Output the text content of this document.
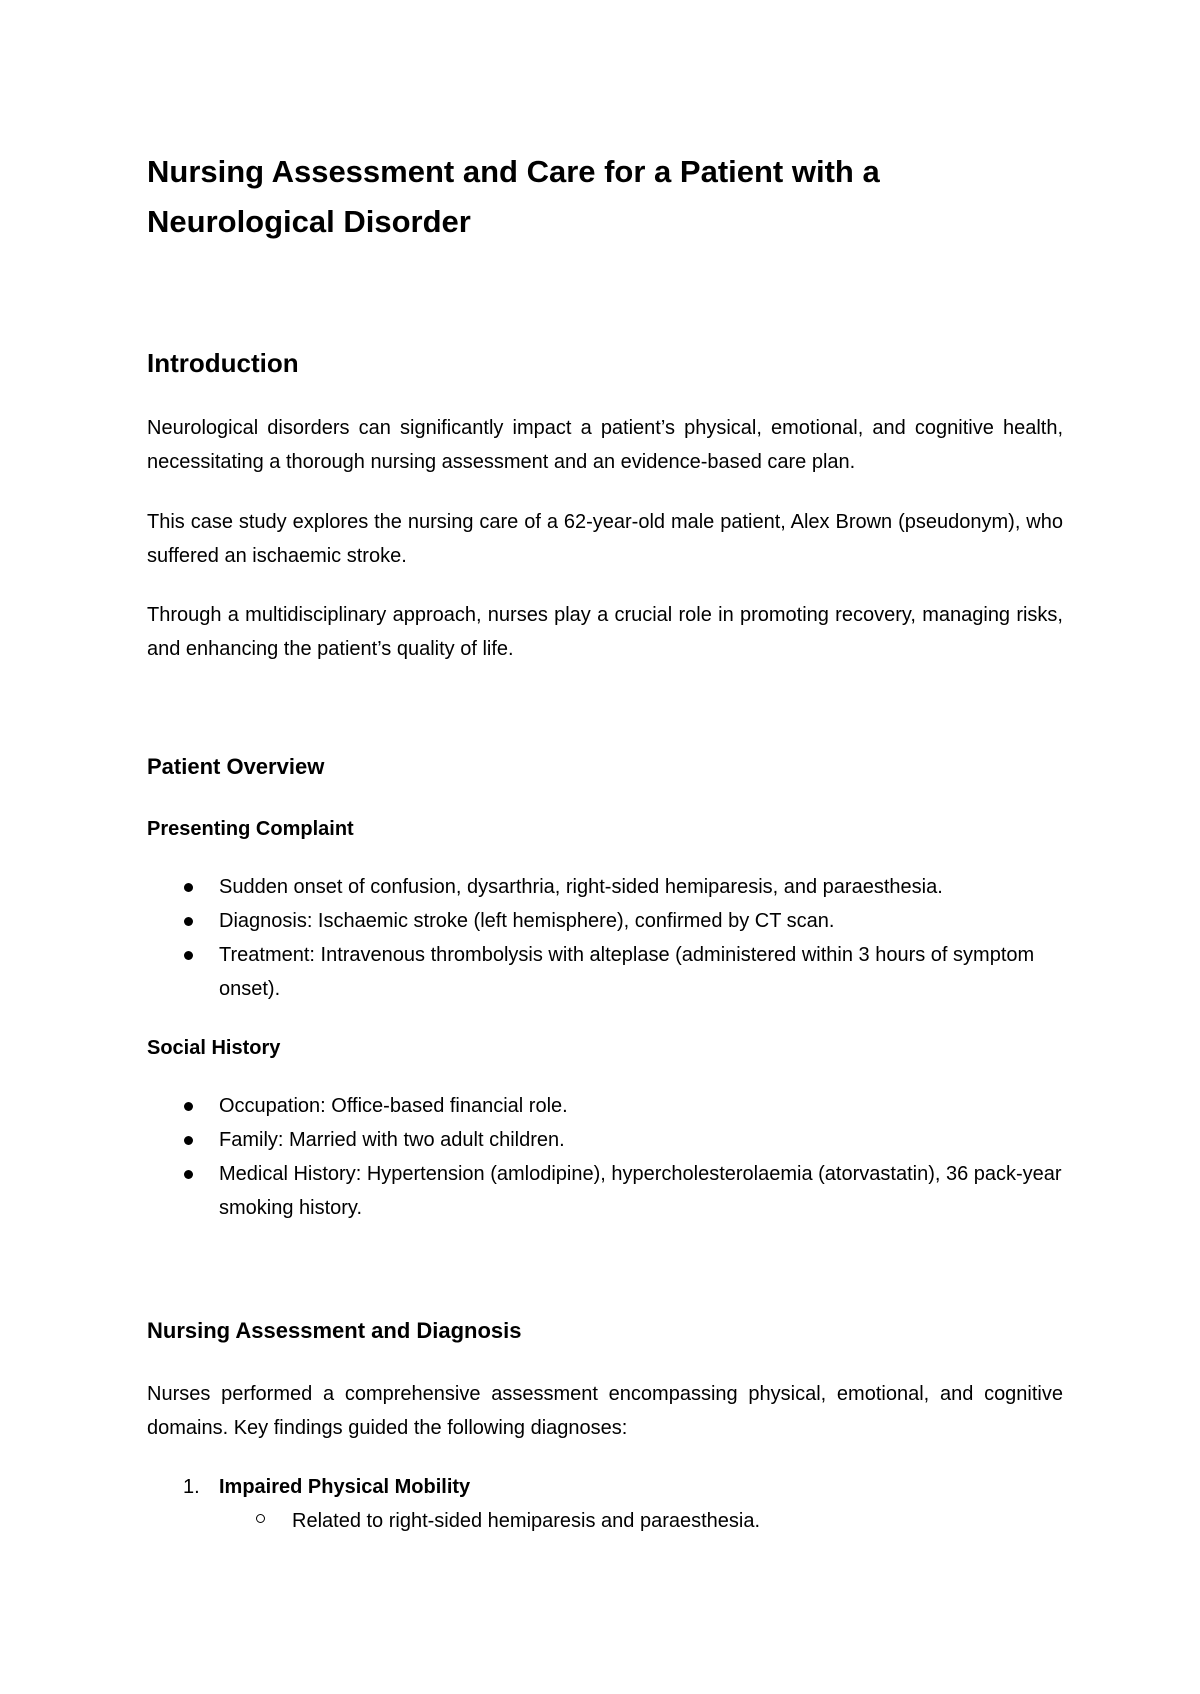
Nursing Assessment and Care for a Patient with a
Neurological Disorder
Introduction

Neurological disorders can significantly impact a patient’s physical, emotional, and cognitive health, necessitating a thorough nursing assessment and an evidence-based care plan.

This case study explores the nursing care of a 62-year-old male patient, Alex Brown (pseudonym), who suffered an ischaemic stroke.

Through a multidisciplinary approach, nurses play a crucial role in promoting recovery, managing risks, and enhancing the patient’s quality of life.

Patient Overview
Presenting Complaint
Sudden onset of confusion, dysarthria, right-sided hemiparesis, and paraesthesia.
Diagnosis: Ischaemic stroke (left hemisphere), confirmed by CT scan.
Treatment: Intravenous thrombolysis with alteplase (administered within 3 hours of symptom onset).
Social History
Occupation: Office-based financial role.
Family: Married with two adult children.
Medical History: Hypertension (amlodipine), hypercholesterolaemia (atorvastatin), 36 pack-year smoking history.
Nursing Assessment and Diagnosis

Nurses performed a comprehensive assessment encompassing physical, emotional, and cognitive domains. Key findings guided the following diagnoses:

1. Impaired Physical Mobility
Related to right-sided hemiparesis and paraesthesia.
